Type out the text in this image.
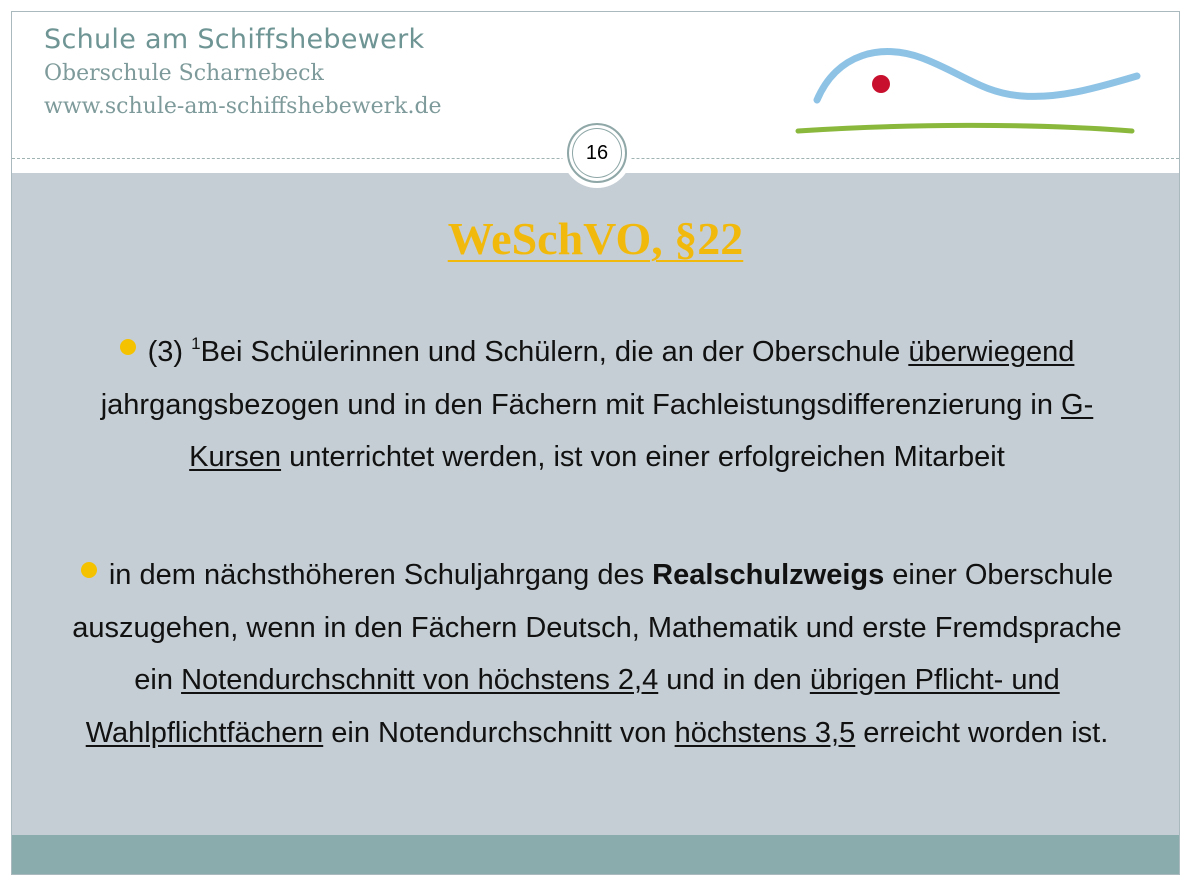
Schule am Schiffshebewerk
Oberschule Scharnebeck
www.schule-am-schiffshebewerk.de
16
WeSchVO, §22
(3) $^1$Bei Schülerinnen und Schülern, die an der Oberschule überwiegend jahrgangsbezogen und in den Fächern mit Fachleistungsdifferenzierung in G-Kursen unterrichtet werden, ist von einer erfolgreichen Mitarbeit
in dem nächsthöheren Schuljahrgang des Realschulzweigs einer Oberschule auszugehen, wenn in den Fächern Deutsch, Mathematik und erste Fremdsprache ein Notendurchschnitt von höchstens 2,4 und in den übrigen Pflicht- und Wahlpflichtfächern ein Notendurchschnitt von höchstens 3,5 erreicht worden ist.
